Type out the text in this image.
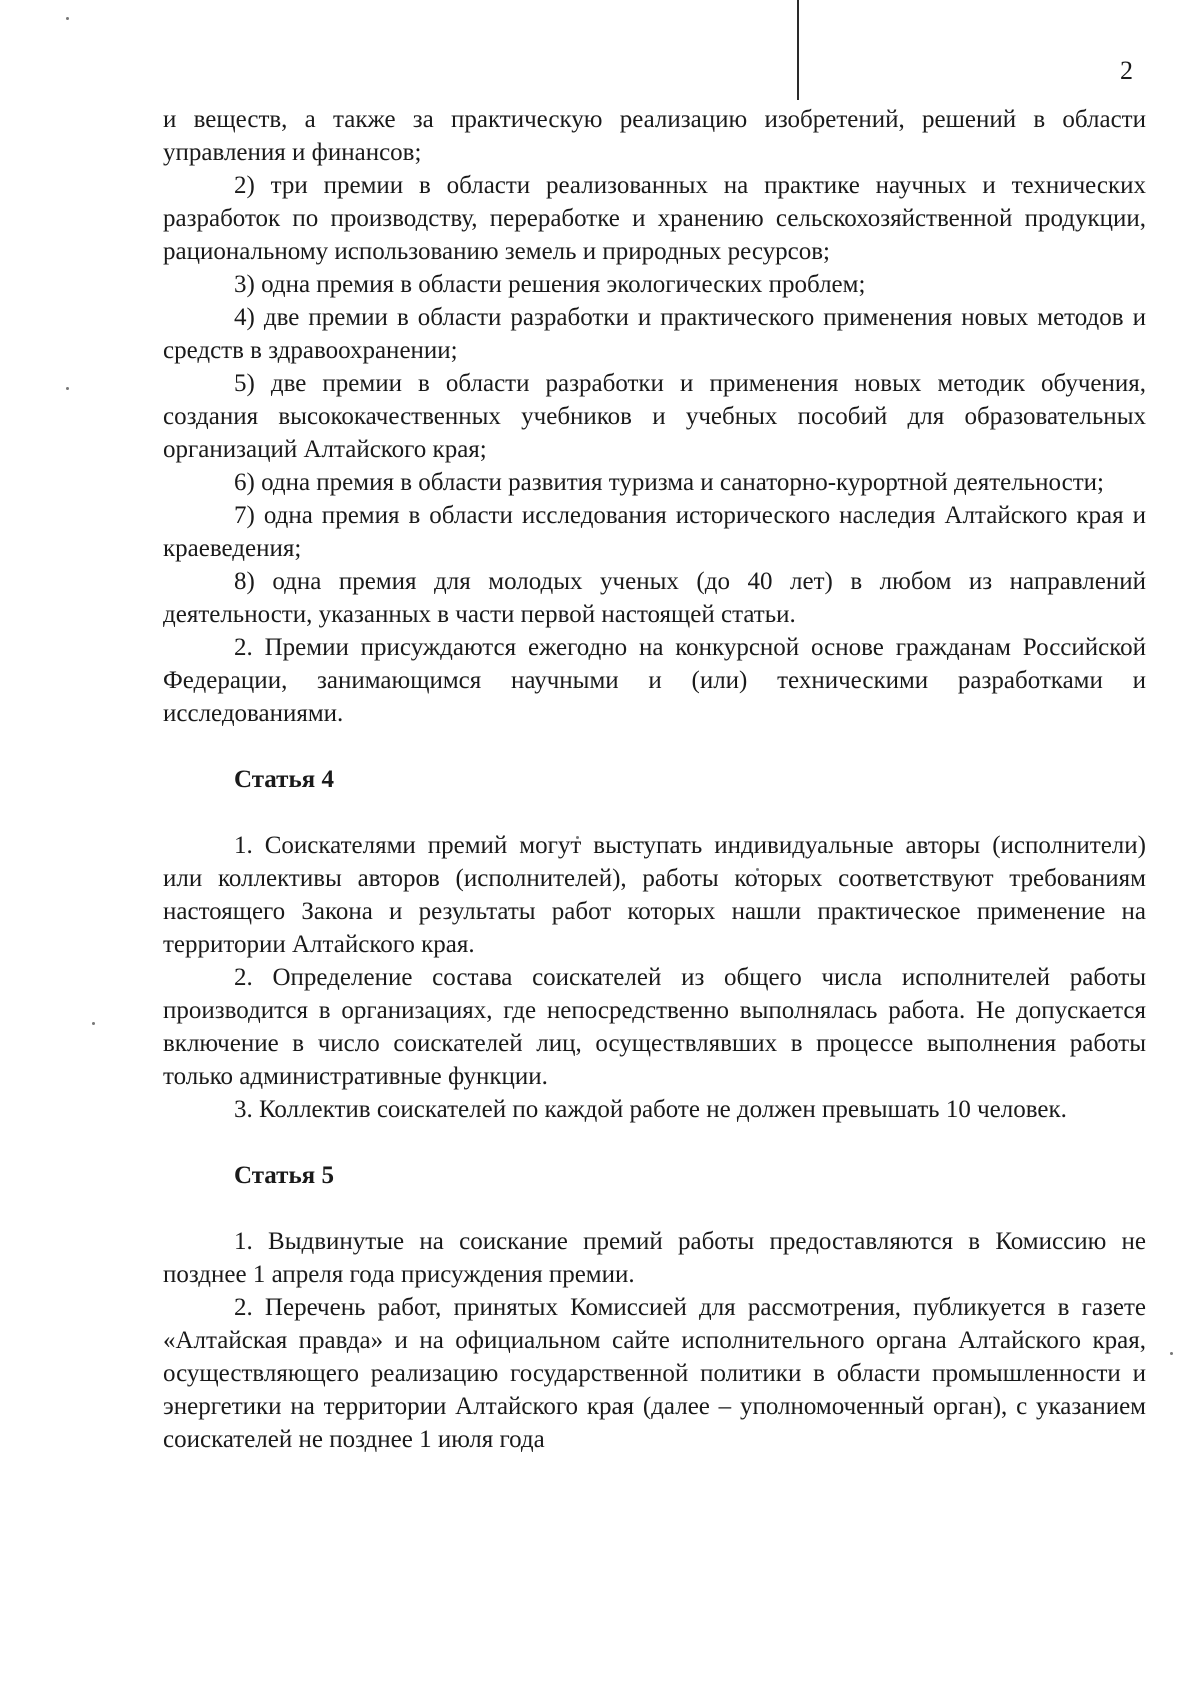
2

и веществ, а также за практическую реализацию изобретений, решений в области управления и финансов;

2) три премии в области реализованных на практике научных и технических разработок по производству, переработке и хранению сельскохозяйственной продукции, рациональному использованию земель и природных ресурсов;

3) одна премия в области решения экологических проблем;

4) две премии в области разработки и практического применения новых методов и средств в здравоохранении;

5) две премии в области разработки и применения новых методик обучения, создания высококачественных учебников и учебных пособий для образовательных организаций Алтайского края;

6) одна премия в области развития туризма и санаторно-курортной деятельности;

7) одна премия в области исследования исторического наследия Алтайского края и краеведения;

8) одна премия для молодых ученых (до 40 лет) в любом из направлений деятельности, указанных в части первой настоящей статьи.

2. Премии присуждаются ежегодно на конкурсной основе гражданам Российской Федерации, занимающимся научными и (или) техническими разработками и исследованиями.

Статья 4

1. Соискателями премий могут выступать индивидуальные авторы (исполнители) или коллективы авторов (исполнителей), работы которых соответствуют требованиям настоящего Закона и результаты работ которых нашли практическое применение на территории Алтайского края.

2. Определение состава соискателей из общего числа исполнителей работы производится в организациях, где непосредственно выполнялась работа. Не допускается включение в число соискателей лиц, осуществлявших в процессе выполнения работы только административные функции.

3. Коллектив соискателей по каждой работе не должен превышать 10 человек.

Статья 5

1. Выдвинутые на соискание премий работы предоставляются в Комиссию не позднее 1 апреля года присуждения премии.

2. Перечень работ, принятых Комиссией для рассмотрения, публикуется в газете «Алтайская правда» и на официальном сайте исполнительного органа Алтайского края, осуществляющего реализацию государственной политики в области промышленности и энергетики на территории Алтайского края (далее – уполномоченный орган), с указанием соискателей не позднее 1 июля года
